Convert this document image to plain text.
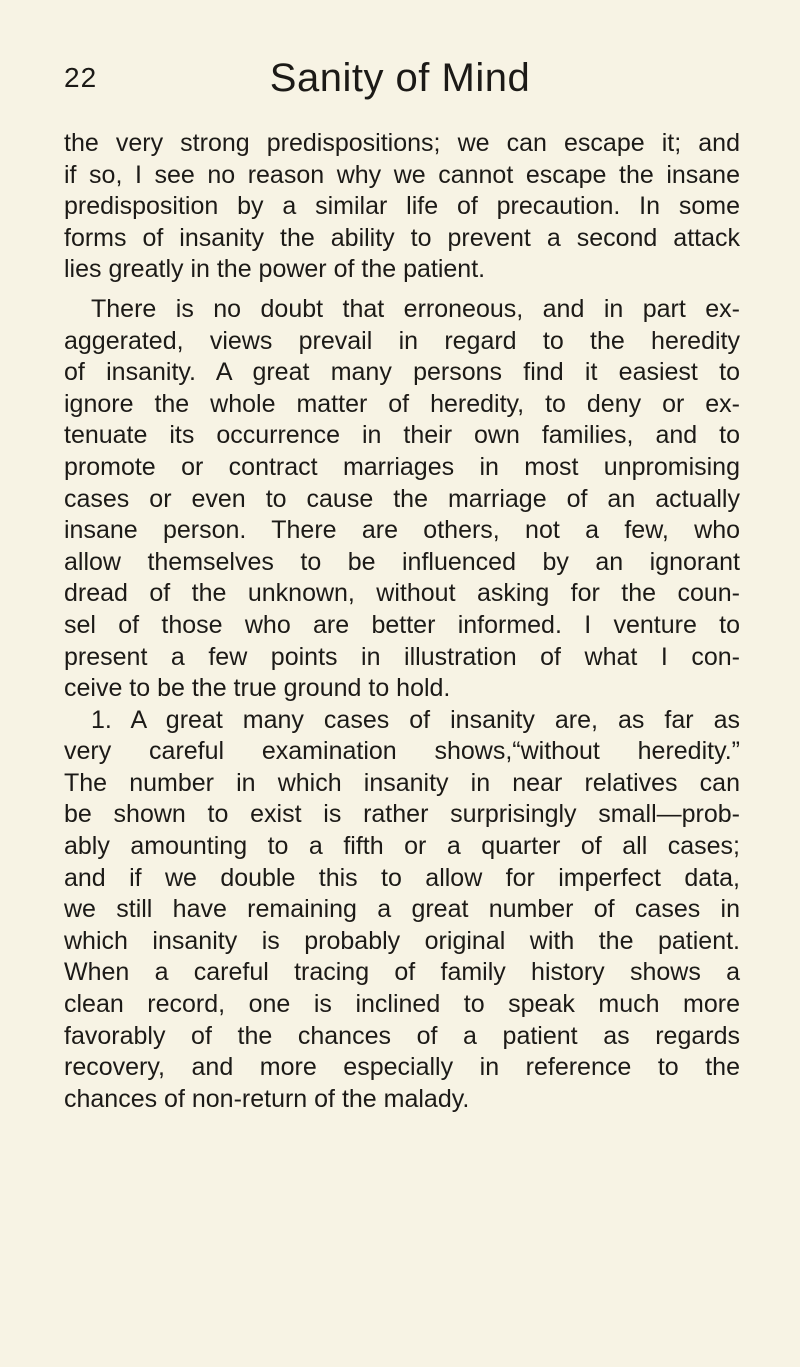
22	Sanity of Mind
the very strong predispositions; we can escape it; and
if so, I see no reason why we cannot escape the insane
predisposition by a similar life of precaution. In some
forms of insanity the ability to prevent a second attack
lies greatly in the power of the patient.
There is no doubt that erroneous, and in part ex-
aggerated, views prevail in regard to the heredity
of insanity. A great many persons find it easiest to
ignore the whole matter of heredity, to deny or ex-
tenuate its occurrence in their own families, and to
promote or contract marriages in most unpromising
cases or even to cause the marriage of an actually
insane person. There are others, not a few, who
allow themselves to be influenced by an ignorant
dread of the unknown, without asking for the coun-
sel of those who are better informed. I venture to
present a few points in illustration of what I con-
ceive to be the true ground to hold.
1. A great many cases of insanity are, as far as
very careful examination shows,“without heredity.”
The number in which insanity in near relatives can
be shown to exist is rather surprisingly small—prob-
ably amounting to a fifth or a quarter of all cases;
and if we double this to allow for imperfect data,
we still have remaining a great number of cases in
which insanity is probably original with the patient.
When a careful tracing of family history shows a
clean record, one is inclined to speak much more
favorably of the chances of a patient as regards
recovery, and more especially in reference to the
chances of non-return of the malady.
